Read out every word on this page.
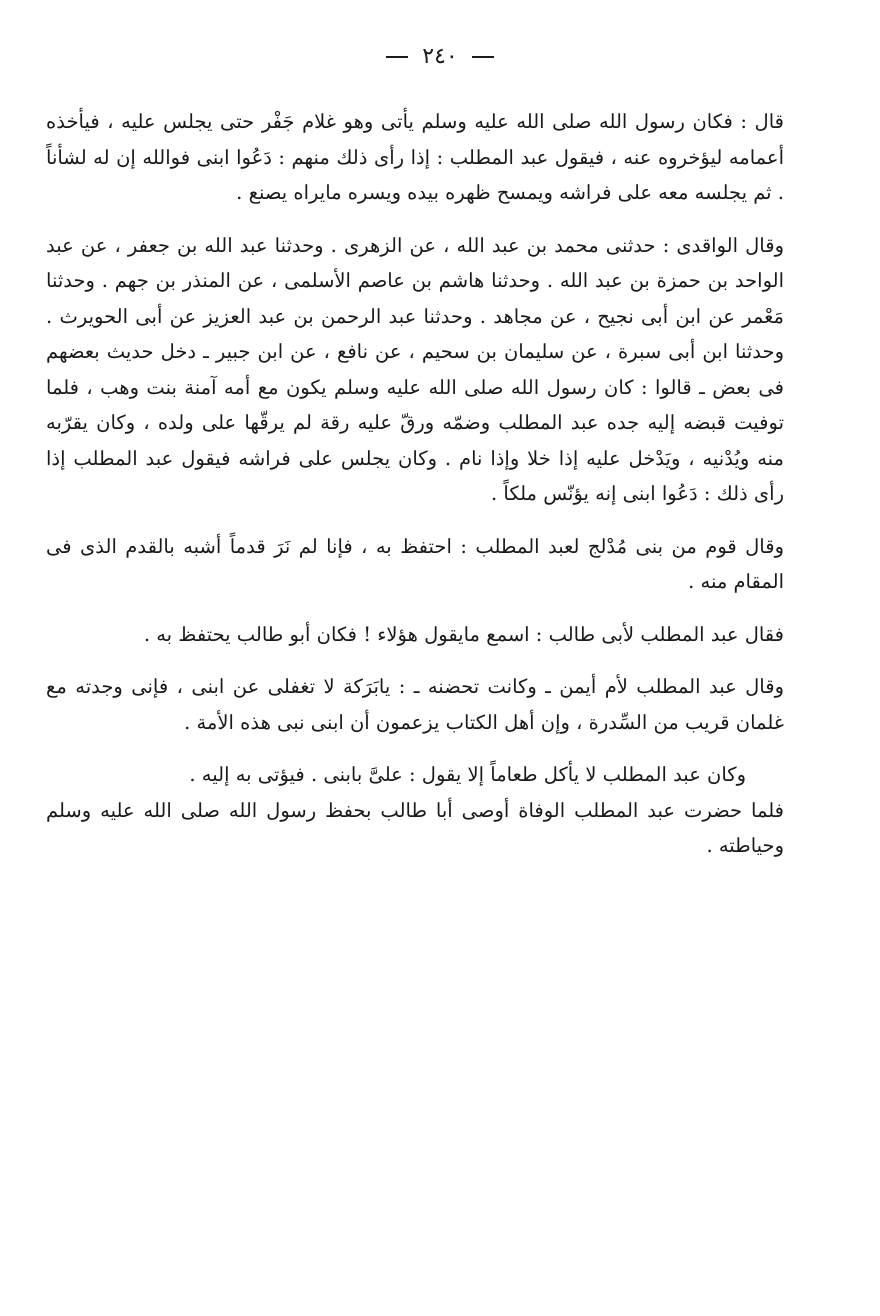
٢٤٠

قال : فكان رسول الله صلى الله عليه وسلم يأتى وهو غلام جَفْر حتى يجلس عليه ، فيأخذه أعمامه ليؤخروه عنه ، فيقول عبد المطلب : إذا رأى ذلك منهم : دَعُوا ابنى فوالله إن له لشأناً . ثم يجلسه معه على فراشه ويمسح ظهره بيده ويسره مايراه يصنع .

وقال الواقدى : حدثنى محمد بن عبد الله ، عن الزهرى . وحدثنا عبد الله بن جعفر ، عن عبد الواحد بن حمزة بن عبد الله . وحدثنا هاشم بن عاصم الأسلمى ، عن المنذر بن جهم . وحدثنا مَعْمر عن ابن أبى نجيح ، عن مجاهد . وحدثنا عبد الرحمن بن عبد العزيز عن أبى الحويرث . وحدثنا ابن أبى سبرة ، عن سليمان بن سحيم ، عن نافع ، عن ابن جبير ـ دخل حديث بعضهم فى بعض ـ قالوا : كان رسول الله صلى الله عليه وسلم يكون مع أمه آمنة بنت وهب ، فلما توفيت قبضه إليه جده عبد المطلب وضمّه ورقّ عليه رقة لم يرقّها على ولده ، وكان يقرّبه منه ويُدْنيه ، ويَدْخل عليه إذا خلا وإذا نام . وكان يجلس على فراشه فيقول عبد المطلب إذا رأى ذلك : دَعُوا ابنى إنه يؤنّس ملكاً .

وقال قوم من بنى مُدْلج لعبد المطلب : احتفظ به ، فإنا لم نَرَ قدماً أشبه بالقدم الذى فى المقام منه .

فقال عبد المطلب لأبى طالب : اسمع مايقول هؤلاء ! فكان أبو طالب يحتفظ به .

وقال عبد المطلب لأم أيمن ـ وكانت تحضنه ـ : يابَرَكة لا تغفلى عن ابنى ، فإنى وجدته مع غلمان قريب من السِّدرة ، وإن أهل الكتاب يزعمون أن ابنى نبى هذه الأمة .

وكان عبد المطلب لا يأكل طعاماً إلا يقول : علىَّ بابنى . فيؤتى به إليه .

فلما حضرت عبد المطلب الوفاة أوصى أبا طالب بحفظ رسول الله صلى الله عليه وسلم وحياطته .
